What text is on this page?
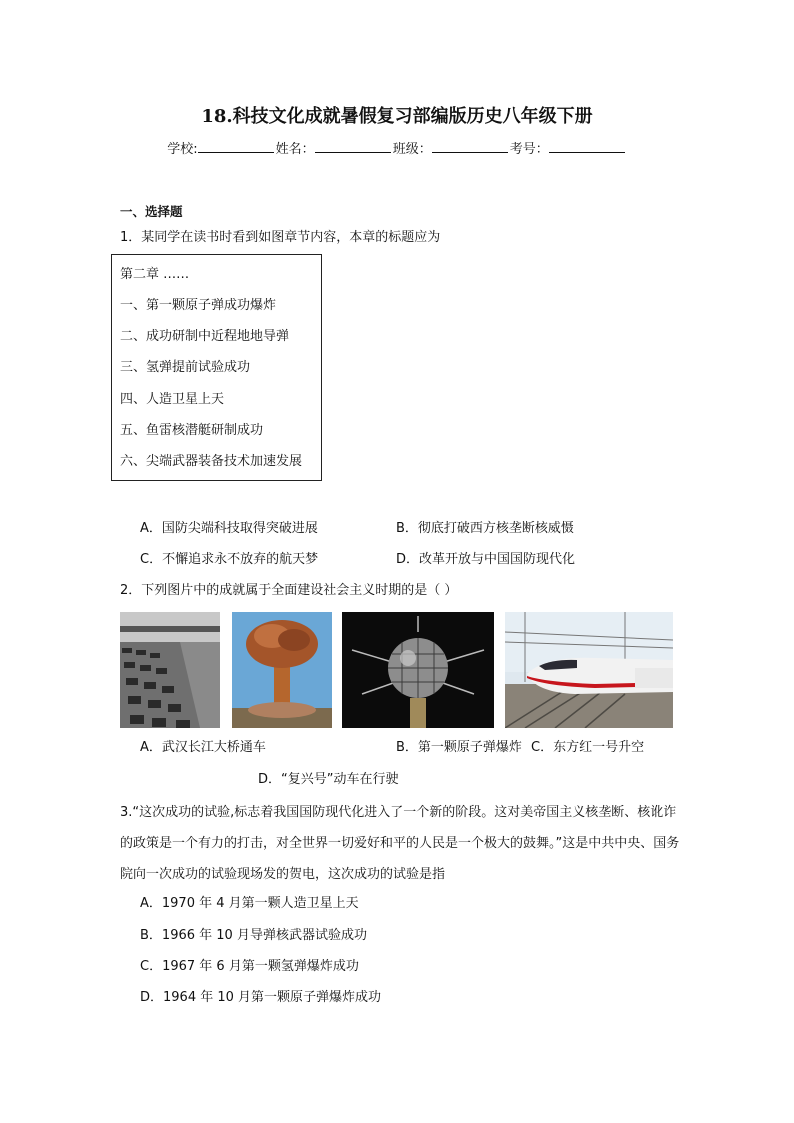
18.科技文化成就暑假复习部编版历史八年级下册
学校:	姓名：	班级：	考号：
一、选择题
1．某同学在读书时看到如图章节内容，本章的标题应为
第二章 ……
一、第一颗原子弹成功爆炸
二、成功研制中近程地地导弹
三、氢弹提前试验成功
四、人造卫星上天
五、鱼雷核潜艇研制成功
六、尖端武器装备技术加速发展
A．国防尖端科技取得突破进展	B．彻底打破西方核垄断核威慑
C．不懈追求永不放弃的航天梦	D．改革开放与中国国防现代化
2．下列图片中的成就属于全面建设社会主义时期的是（ ）
A．武汉长江大桥通车	B．第一颗原子弹爆炸 C．东方红一号升空
D．“复兴号”动车在行驶
3.“这次成功的试验,标志着我国国防现代化进入了一个新的阶段。这对美帝国主义核垄断、核讹诈的政策是一个有力的打击，对全世界一切爱好和平的人民是一个极大的鼓舞。”这是中共中央、国务院向一次成功的试验现场发的贺电，这次成功的试验是指
A．1970 年 4 月第一颗人造卫星上天
B．1966 年 10 月导弹核武器试验成功
C．1967 年 6 月第一颗氢弹爆炸成功
D．1964 年 10 月第一颗原子弹爆炸成功
